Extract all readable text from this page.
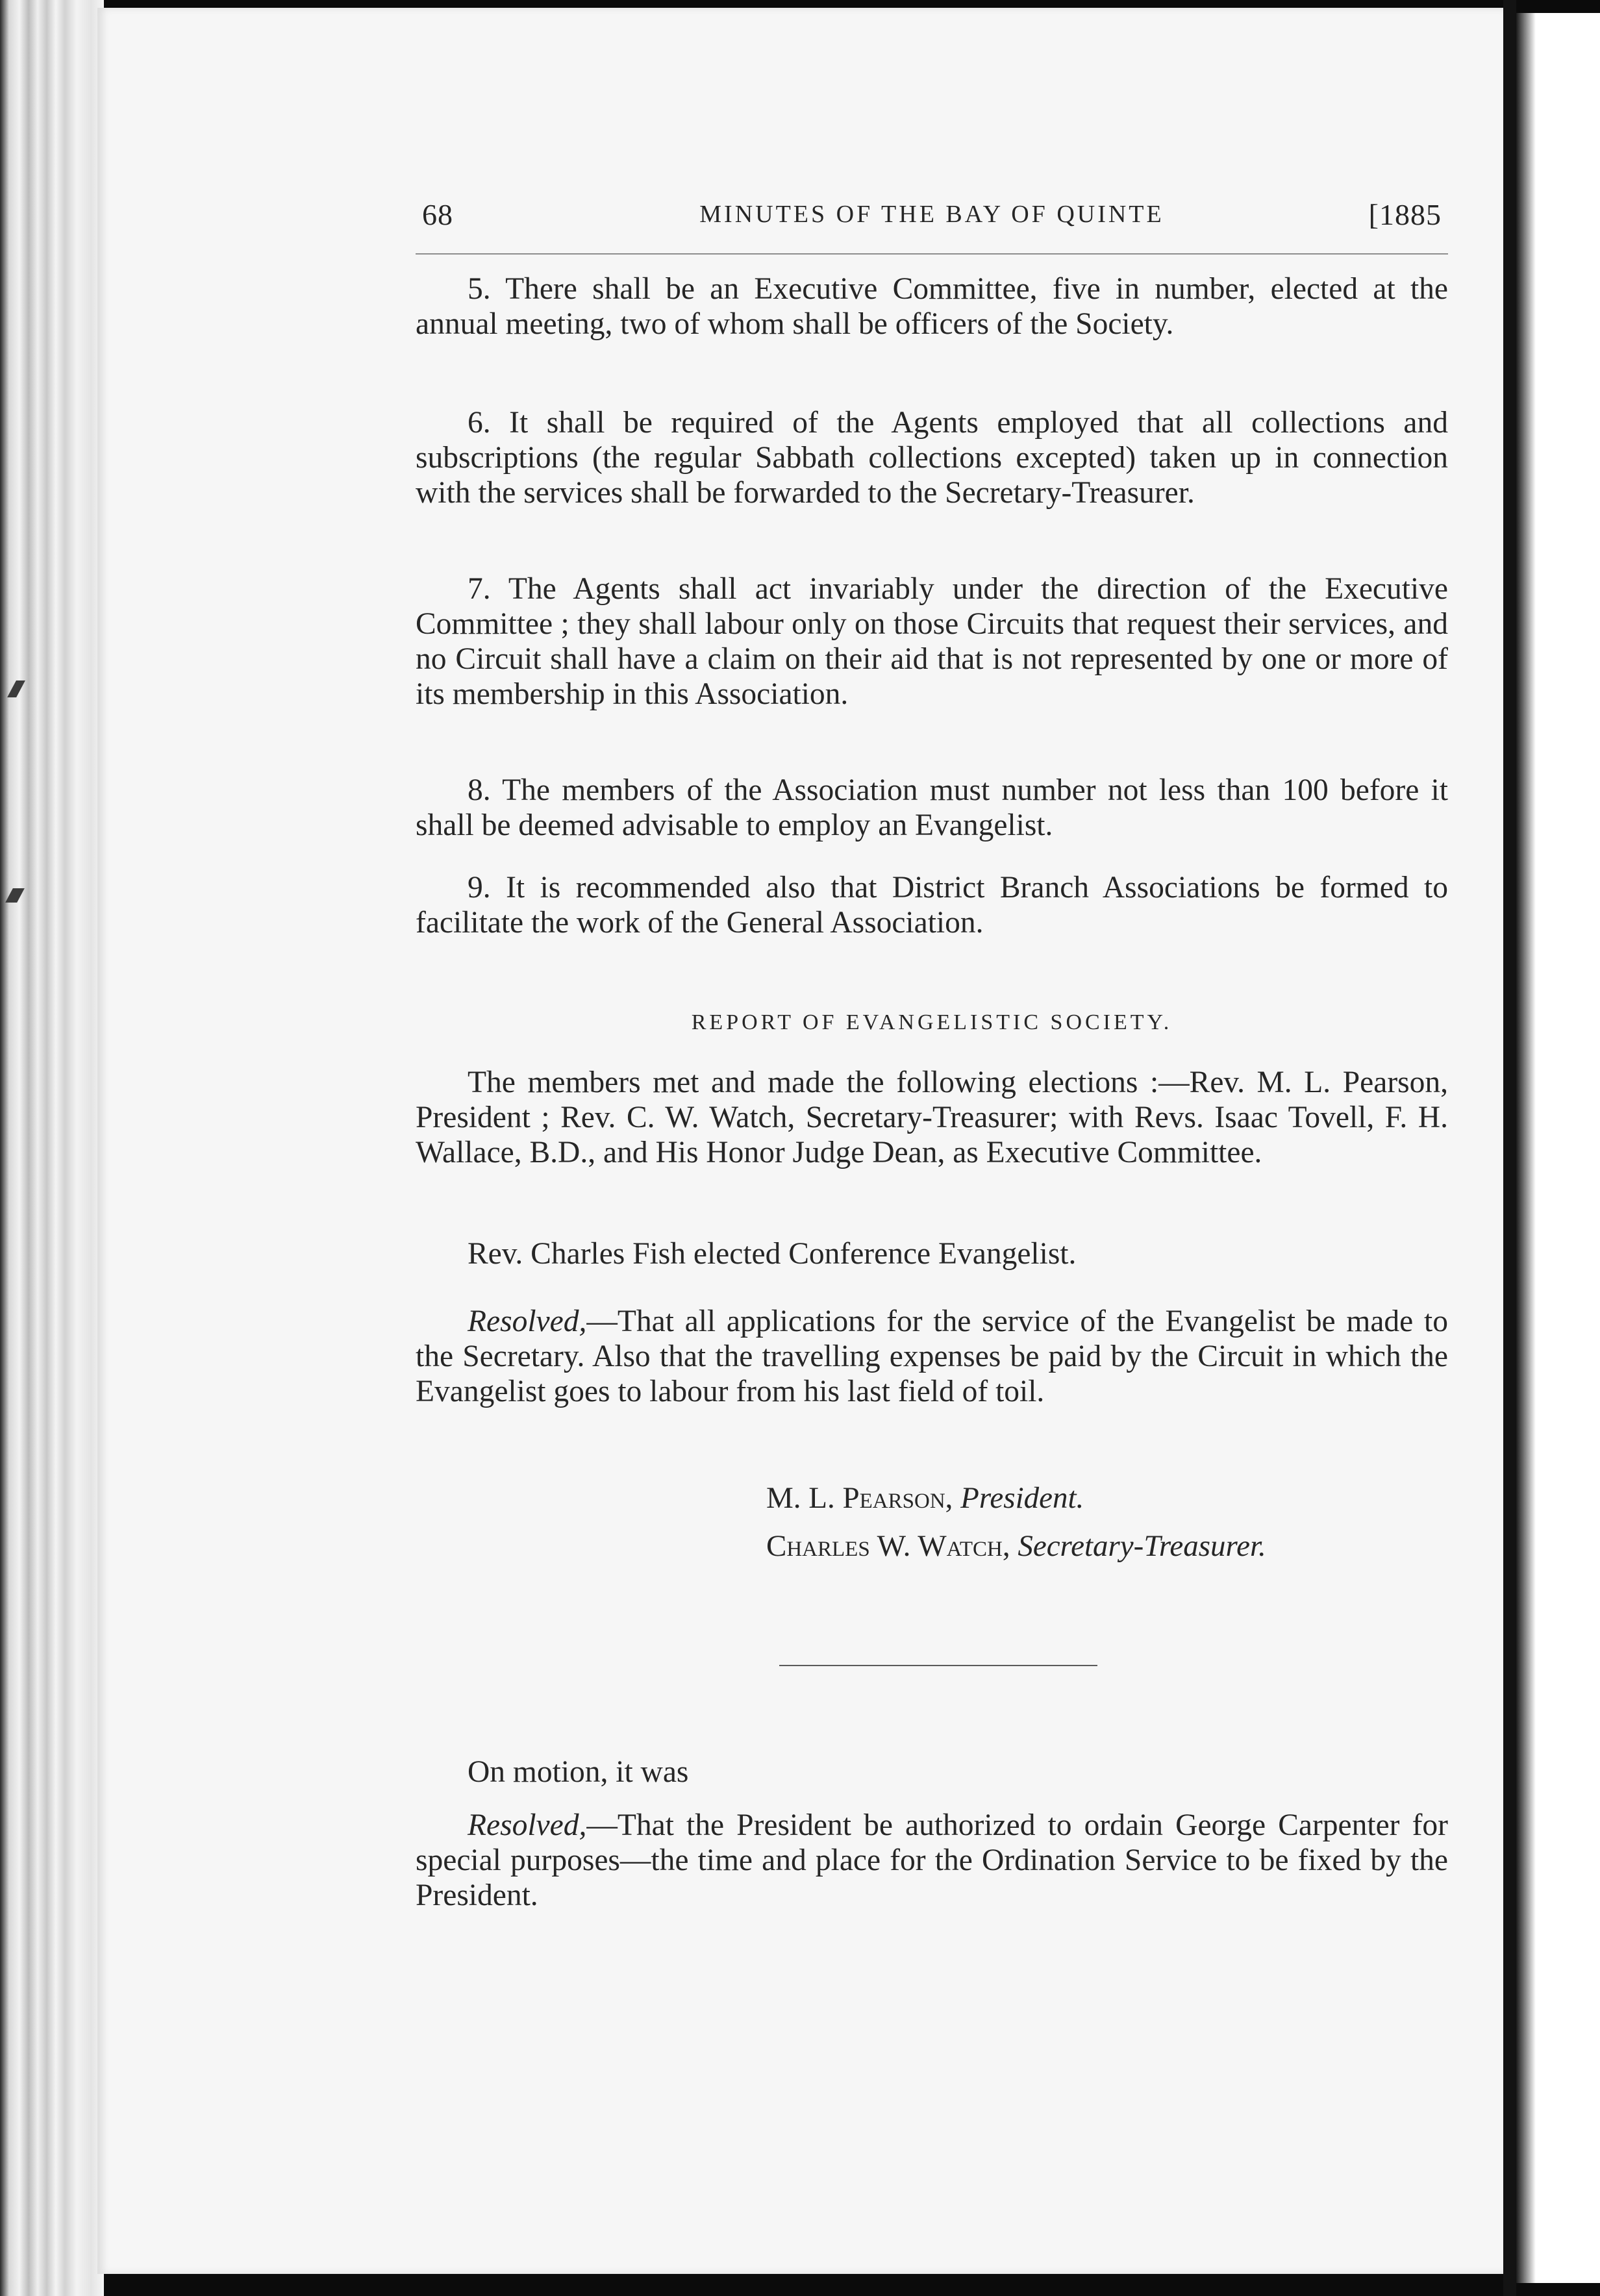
68	MINUTES OF THE BAY OF QUINTE	[1885

5. There shall be an Executive Committee, five in number, elected at the annual meeting, two of whom shall be officers of the Society.

6. It shall be required of the Agents employed that all collections and subscriptions (the regular Sabbath collections excepted) taken up in connection with the services shall be forwarded to the Secretary-Treasurer.

7. The Agents shall act invariably under the direction of the Executive Committee ; they shall labour only on those Circuits that request their services, and no Circuit shall have a claim on their aid that is not represented by one or more of its membership in this Association.

8. The members of the Association must number not less than 100 before it shall be deemed advisable to employ an Evangelist.

9. It is recommended also that District Branch Associations be formed to facilitate the work of the General Association.

REPORT OF EVANGELISTIC SOCIETY.

The members met and made the following elections :—Rev. M. L. Pearson, President ; Rev. C. W. Watch, Secretary-Treasurer; with Revs. Isaac Tovell, F. H. Wallace, B.D., and His Honor Judge Dean, as Executive Committee.

Rev. Charles Fish elected Conference Evangelist.

Resolved,—That all applications for the service of the Evangelist be made to the Secretary. Also that the travelling expenses be paid by the Circuit in which the Evangelist goes to labour from his last field of toil.

M. L. Pearson, President.
Charles W. Watch, Secretary-Treasurer.

On motion, it was

Resolved,—That the President be authorized to ordain George Carpenter for special purposes—the time and place for the Ordination Service to be fixed by the President.
